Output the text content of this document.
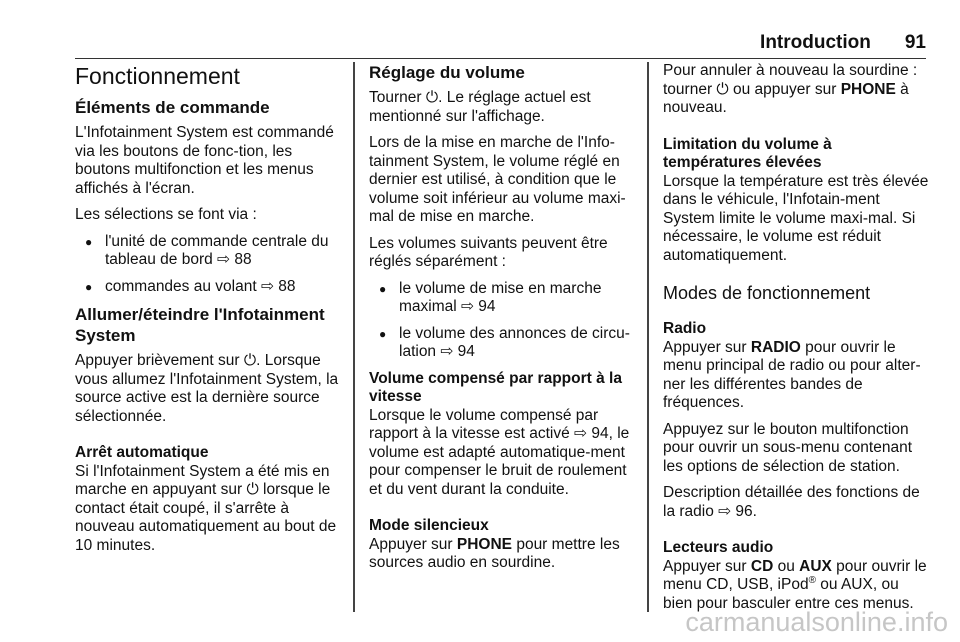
Introduction 91
Fonctionnement
Éléments de commande

L'Infotainment System est commandé via les boutons de fonc-tion, les boutons multifonction et les menus affichés à l'écran.

Les sélections se font via :

● l'unité de commande centrale du tableau de bord ⇨ 88
● commandes au volant ⇨ 88
Allumer/éteindre l'Infotainment System

Appuyer brièvement sur ⏻. Lorsque vous allumez l'Infotainment System, la source active est la dernière source sélectionnée.

Arrêt automatique

Si l'Infotainment System a été mis en marche en appuyant sur ⏻ lorsque le contact était coupé, il s'arrête à nouveau automatiquement au bout de 10 minutes.

Réglage du volume

Tourner ⏻. Le réglage actuel est mentionné sur l'affichage.

Lors de la mise en marche de l'Info-tainment System, le volume réglé en dernier est utilisé, à condition que le volume soit inférieur au volume maxi-mal de mise en marche.

Les volumes suivants peuvent être réglés séparément :

● le volume de mise en marche maximal ⇨ 94
● le volume des annonces de circu-lation ⇨ 94
Volume compensé par rapport à la vitesse

Lorsque le volume compensé par rapport à la vitesse est activé ⇨ 94, le volume est adapté automatique-ment pour compenser le bruit de roulement et du vent durant la conduite.

Mode silencieux

Appuyer sur PHONE pour mettre les sources audio en sourdine.

Pour annuler à nouveau la sourdine : tourner ⏻ ou appuyer sur PHONE à nouveau.

Limitation du volume à températures élevées

Lorsque la température est très élevée dans le véhicule, l'Infotain-ment System limite le volume maxi-mal. Si nécessaire, le volume est réduit automatiquement.

Modes de fonctionnement
Radio

Appuyer sur RADIO pour ouvrir le menu principal de radio ou pour alter-ner les différentes bandes de fréquences.

Appuyez sur le bouton multifonction pour ouvrir un sous-menu contenant les options de sélection de station.

Description détaillée des fonctions de la radio ⇨ 96.

Lecteurs audio

Appuyer sur CD ou AUX pour ouvrir le menu CD, USB, iPod® ou AUX, ou bien pour basculer entre ces menus.

carmanualsonline.info
